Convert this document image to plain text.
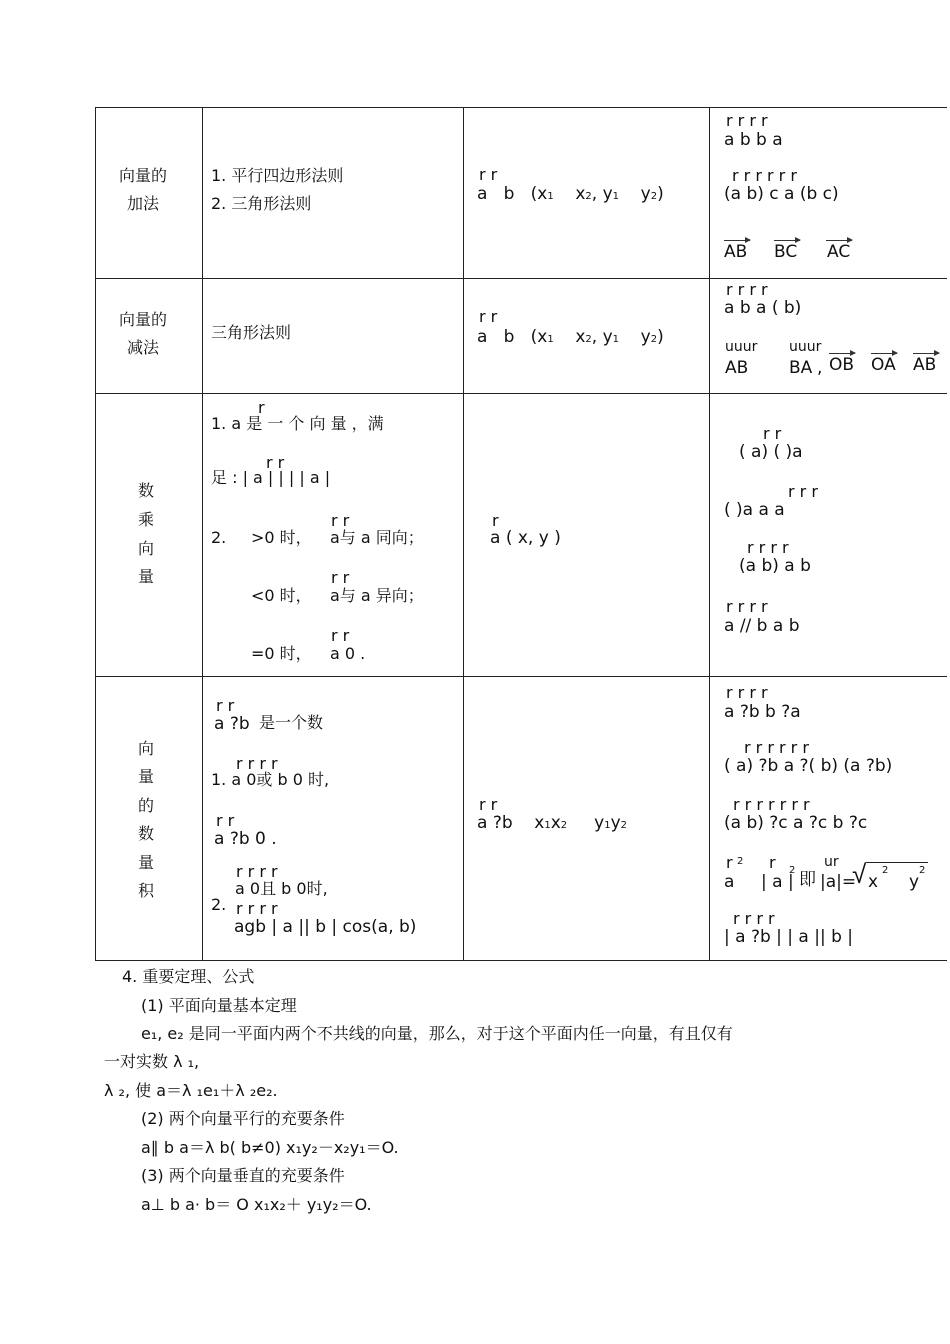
向量的
加法
1. 平行四边形法则
2. 三角形法则
r r
a b (x1 x2, y1 y2)
r r r r
a b b a
r r r r r r
(a b) c a (b c)
AB BC AC
向量的
减法
三角形法则
r r
a b (x1 x2, y1 y2)
r r r r
a b a ( b)
uuur uuur
AB BA , OB OA AB
数
乘
向
量
r
1. a 是 一 个 向 量 ，满
r r
足 : | a | | | | a |
r r
2. >0 时， a与 a 同向；
r r
<0 时， a与 a 异向；
r r
=0 时， a 0 .
r
a ( x, y )
r r
( a) ( )a
r r r
( )a a a
r r r r
(a b) a b
r r r r
a // b a b
向
量
的
数
量
积
r r
a ?b 是一个数
r r r r
1. a 0或 b 0 时,
r r
a ?b 0 .
r r r r
a 0且 b 0时,
2. r r r r
agb | a || b | cos(a, b)
r r
a ?b x1x2 y1y2
r r r r
a ?b b ?a
r r r r r r
( a) ?b a ?( b) (a ?b)
r r r r r r r
(a b) ?c a ?c b ?c
r 2 r 2
ur
a | a | 即 |a|=
√ x
2
y
2
r r r r
| a ?b | | a || b |
4. 重要定理、公式
(1) 平面向量基本定理
e₁, e₂ 是同一平面内两个不共线的向量，那么，对于这个平面内任一向量，有且仅有
一对实数 λ ₁,
λ ₂, 使 a＝λ ₁e₁＋λ ₂e₂.
(2) 两个向量平行的充要条件
a∥ b a＝λ b( b≠0) x₁y₂－x₂y₁＝O.
(3) 两个向量垂直的充要条件
a⊥ b a· b＝ O x₁x₂＋ y₁y₂＝O.
